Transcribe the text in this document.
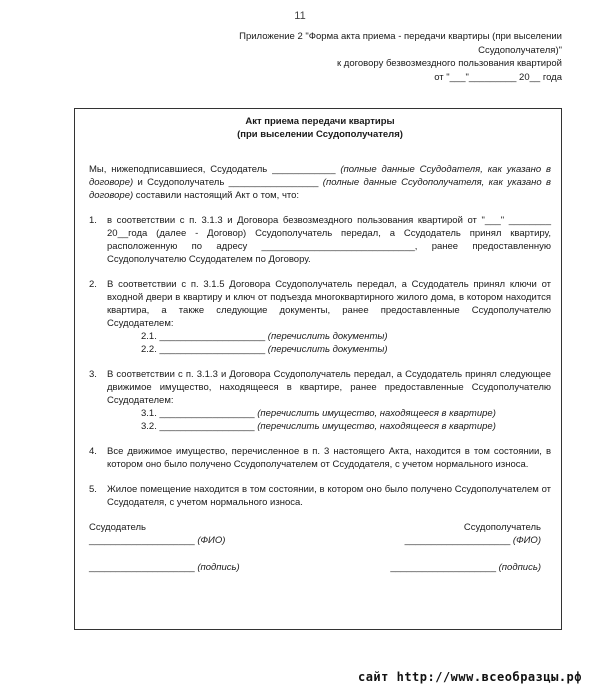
11
Приложение 2 "Форма акта приема - передачи квартиры (при выселении
Ссудополучателя)"
к договору безвозмездного пользования квартирой
от "___"_________ 20__ года
Акт приема передачи квартиры
(при выселении Ссудополучателя)
Мы, нижеподписавшиеся, Ссудодатель ____________ (полные данные Ссудодателя, как указано в договоре) и Ссудополучатель _________________ (полные данные Ссудополучателя, как указано в договоре) составили настоящий Акт о том, что:
1. в соответствии с п. 3.1.3 и Договора безвозмездного пользования квартирой от "___" ________ 20__года (далее - Договор) Ссудополучатель передал, а Ссудодатель принял квартиру, расположенную по адресу _____________________________, ранее предоставленную Ссудополучателю Ссудодателем по Договору.
2. В соответствии с п. 3.1.5 Договора Ссудополучатель передал, а Ссудодатель принял ключи от входной двери в квартиру и ключ от подъезда многоквартирного жилого дома, в котором находится квартира, а также следующие документы, ранее предоставленные Ссудополучателю Ссудодателем:
2.1. ____________________ (перечислить документы)
2.2. ____________________ (перечислить документы)
3. В соответствии с п. 3.1.3 и Договора Ссудополучатель передал, а Ссудодатель принял следующее движимое имущество, находящееся в квартире, ранее предоставленные Ссудополучателю Ссудодателем:
3.1. __________________ (перечислить имущество, находящееся в квартире)
3.2. __________________ (перечислить имущество, находящееся в квартире)
4. Все движимое имущество, перечисленное в п. 3 настоящего Акта, находится в том состоянии, в котором оно было получено Ссудополучателем от Ссудодателя, с учетом нормального износа.
5. Жилое помещение находится в том состоянии, в котором оно было получено Ссудополучателем от Ссудодателя, с учетом нормального износа.
Ссудодатель
____________________ (ФИО)
____________________ (подпись)
Ссудополучатель
____________________ (ФИО)
____________________ (подпись)
сайт http://www.всеобразцы.рф
